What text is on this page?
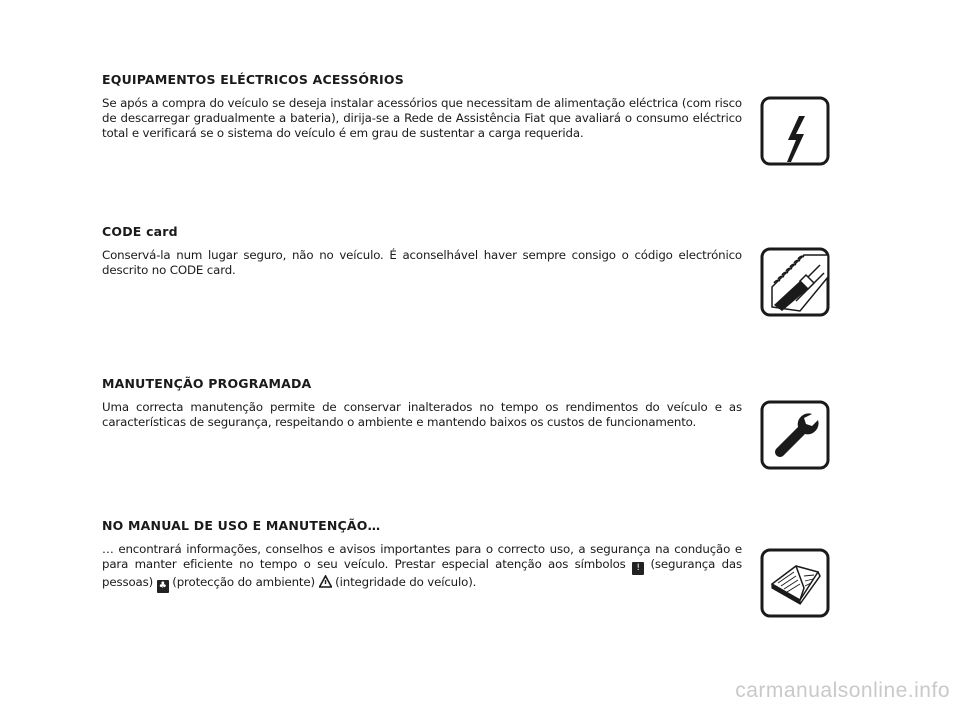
EQUIPAMENTOS ELÉCTRICOS ACESSÓRIOS

Se após a compra do veículo se deseja instalar acessórios que necessitam de alimentação eléctrica (com risco de descarregar gradualmente a bateria), dirija-se a Rede de Assistência Fiat que avaliará o consumo eléctrico total e verificará se o sistema do veículo é em grau de sustentar a carga requerida.

CODE card

Conservá-la num lugar seguro, não no veículo. É aconselhável haver sempre consigo o código electrónico descrito no CODE card.

MANUTENÇÃO PROGRAMADA

Uma correcta manutenção permite de conservar inalterados no tempo os rendimentos do veículo e as características de segurança, respeitando o ambiente e mantendo baixos os custos de funcionamento.

NO MANUAL DE USO E MANUTENÇÃO…

… encontrará informações, conselhos e avisos importantes para o correcto uso, a segurança na condução e para manter eficiente no tempo o seu veículo. Prestar especial atenção aos símbolos ! (segurança das pessoas) ♣ (protecção do ambiente) (integridade do veículo).

carmanualsonline.info
